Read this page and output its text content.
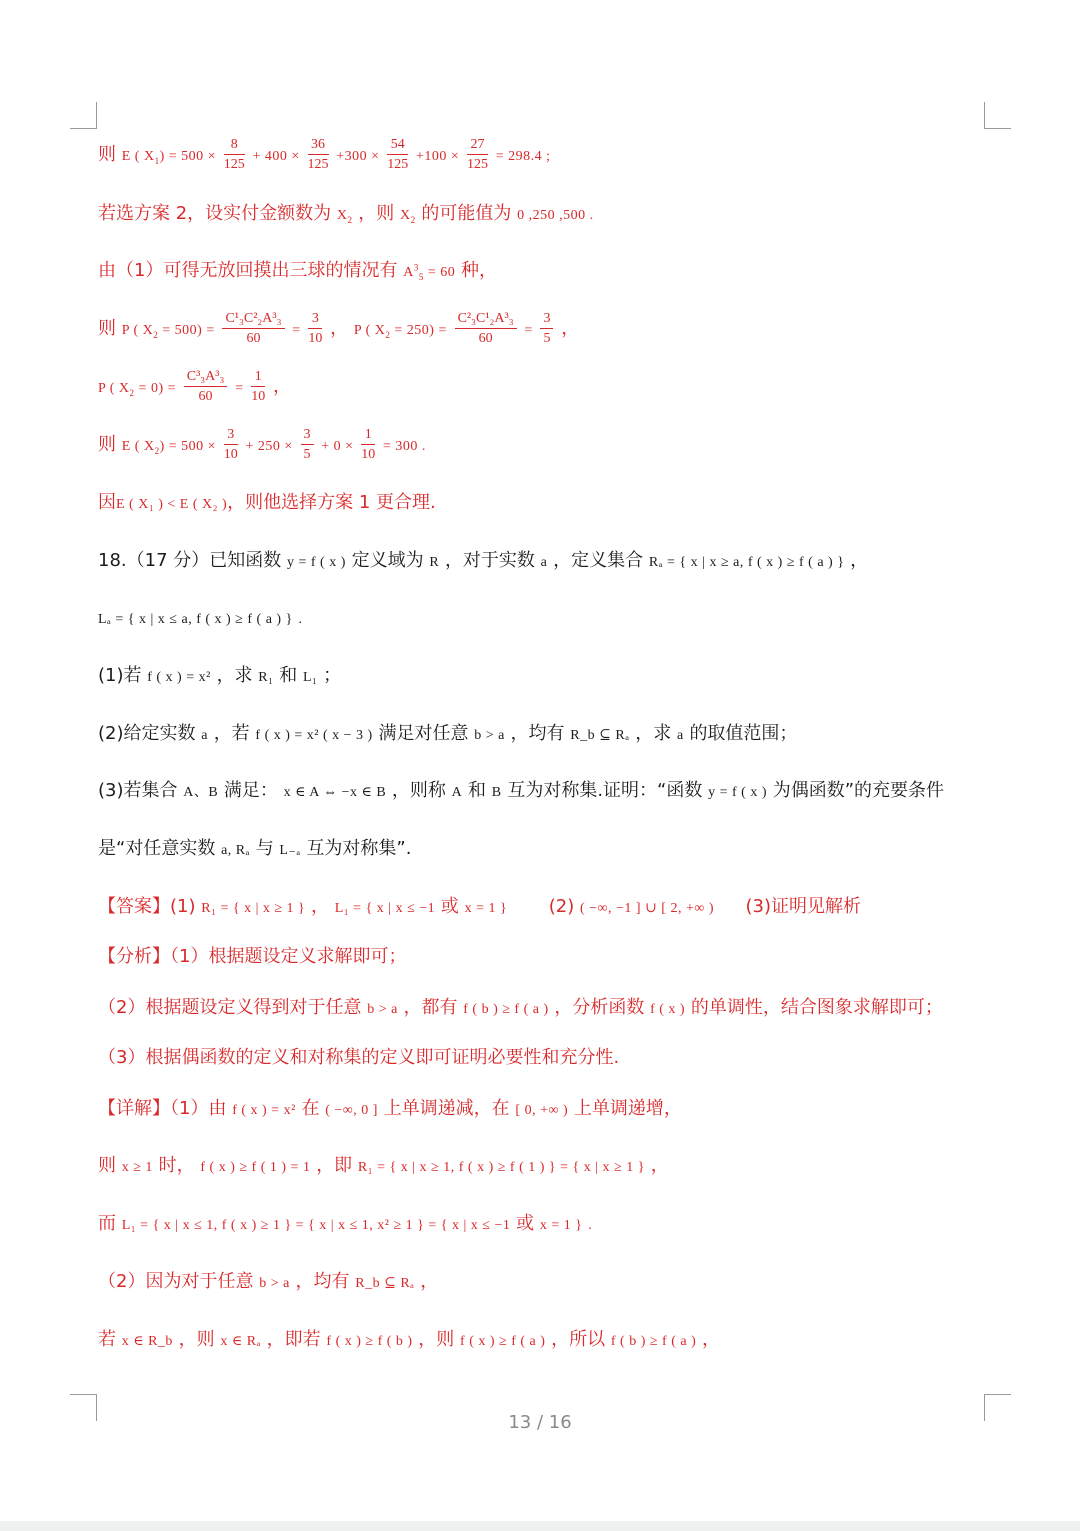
则 E ( $X_1) = 500 \times \frac{8}{125} + 400 \times \frac{36}{125} +300 \times \frac{54}{125} +100 \times \frac{27}{125} = 298.4$ ;
若选方案 2，设实付金额数为 $X_2$ ，则 $X_2$ 的可能值为 0 ,250 ,500 .
由（1）可得无放回摸出三球的情况有 $A^3_5 = 60$ 种，
则 P ( $X_2 = 500) = \frac{\text{C¹₃C²₂A³₃}}{60} = \frac{3}{10}$ ， P ( $X_2 = 250) = \frac{\text{C²₃C¹₂A³₃}}{60} = \frac{3}{5}$ ，
P ( $X_2 = 0) = \frac{\text{C³₃A³₃}}{60} = \frac{1}{10}$ ，
则 E ( $X_2) = 500 \times \frac{3}{10} + 250 \times \frac{3}{5} + 0 \times \frac{1}{10} = 300$ .
因E ( X₁ ) < E ( X₂ )，则他选择方案 1 更合理.
18.（17 分）已知函数 y = f ( x ) 定义域为 R ，对于实数 a ，定义集合 Rₐ = { x | x ≥ a, f ( x ) ≥ f ( a ) } ，
Lₐ = { x | x ≤ a, f ( x ) ≥ f ( a ) } .
(1)若 f ( x ) = x² ，求 R₁ 和 L₁ ；
(2)给定实数 a ，若 f ( x ) = x² ( x − 3 ) 满足对任意 b > a ，均有 R_b ⊆ Rₐ ，求 a 的取值范围；
(3)若集合 A、B 满足： x ∈ A ⇔ −x ∈ B ，则称 A 和 B 互为对称集.证明：“函数 y = f ( x ) 为偶函数”的充要条件
是“对任意实数 a, Rₐ 与 L₋ₐ 互为对称集”.
【答案】(1) R₁ = { x | x ≥ 1 } ， L₁ = { x | x ≤ −1 或 x = 1 } (2) ( −∞, −1 ] ∪ [ 2, +∞ ) (3)证明见解析
【分析】（1）根据题设定义求解即可；
（2）根据题设定义得到对于任意 b > a ，都有 f ( b ) ≥ f ( a ) ，分析函数 f ( x ) 的单调性，结合图象求解即可；
（3）根据偶函数的定义和对称集的定义即可证明必要性和充分性.
【详解】（1）由 f ( x ) = x² 在 ( −∞, 0 ] 上单调递减，在 [ 0, +∞ ) 上单调递增，
则 x ≥ 1 时， f ( x ) ≥ f ( 1 ) = 1 ，即 R₁ = { x | x ≥ 1, f ( x ) ≥ f ( 1 ) } = { x | x ≥ 1 } ，
而 L₁ = { x | x ≤ 1, f ( x ) ≥ 1 } = { x | x ≤ 1, x² ≥ 1 } = { x | x ≤ −1 或 x = 1 } .
（2）因为对于任意 b > a ，均有 R_b ⊆ Rₐ ，
若 x ∈ R_b ，则 x ∈ Rₐ ，即若 f ( x ) ≥ f ( b ) ，则 f ( x ) ≥ f ( a ) ，所以 f ( b ) ≥ f ( a ) ，
13 / 16
